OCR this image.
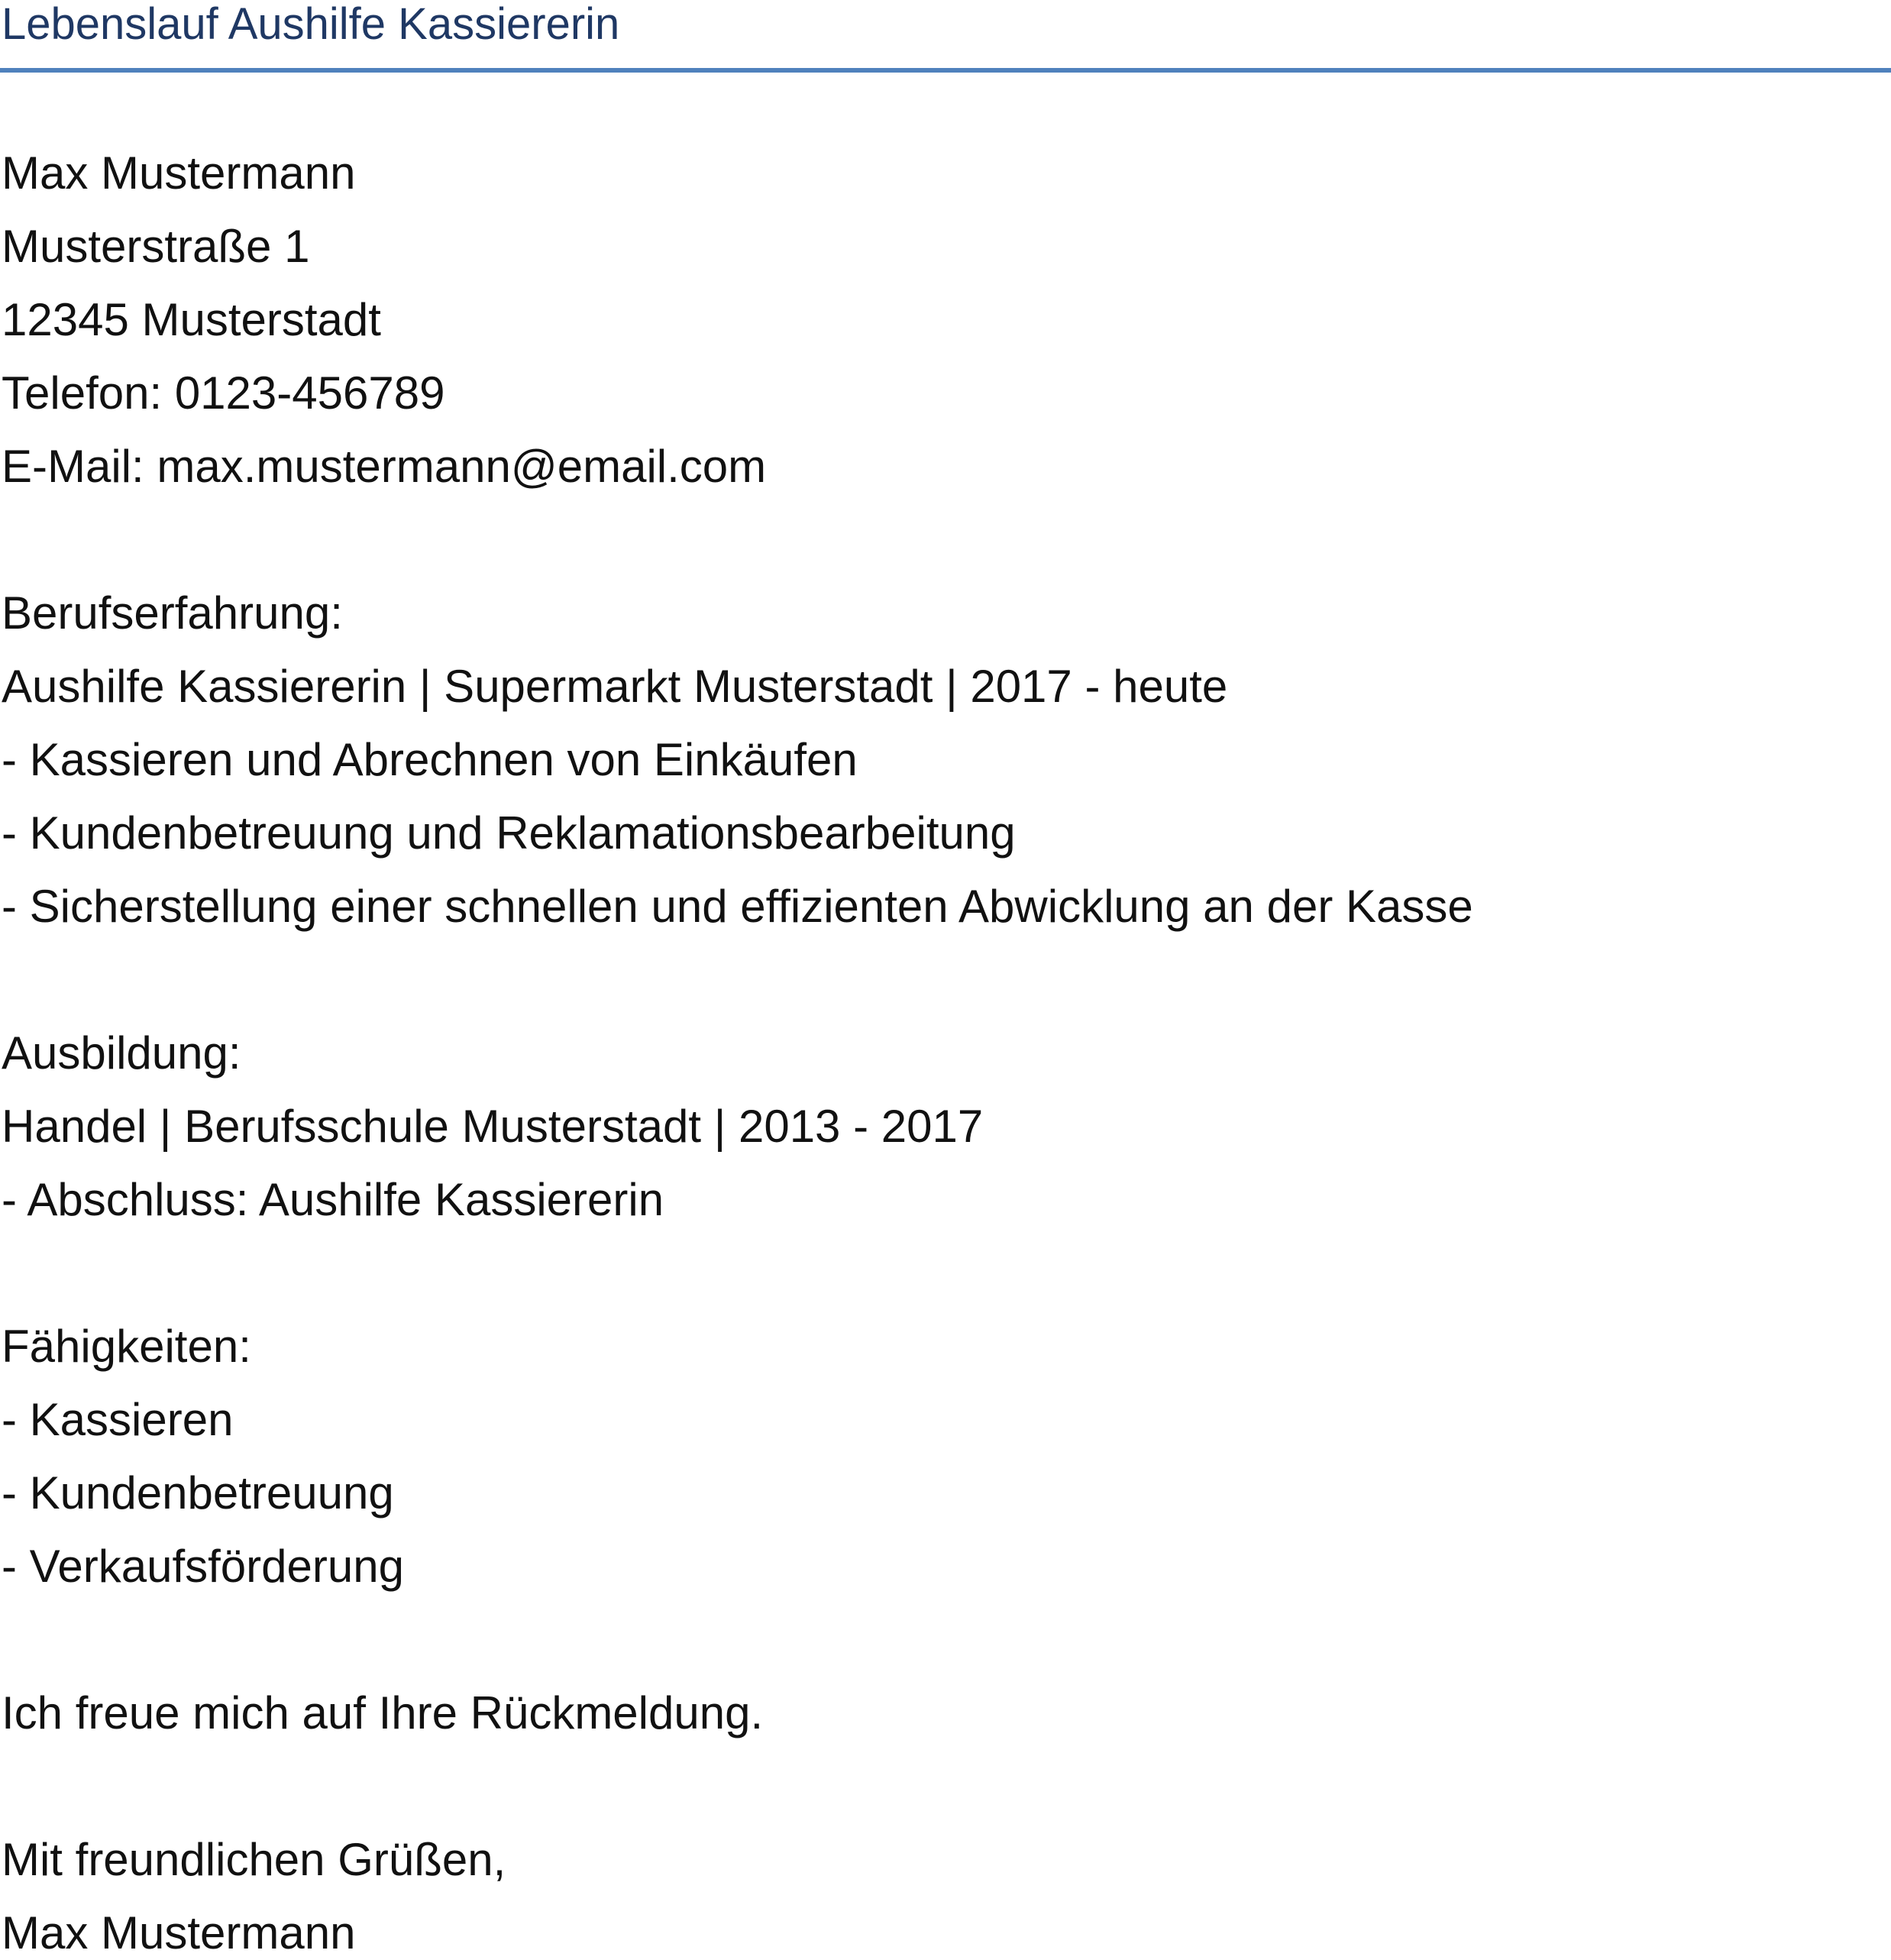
Lebenslauf Aushilfe Kassiererin
Max Mustermann
Musterstraße 1
12345 Musterstadt
Telefon: 0123-456789
E-Mail: max.mustermann@email.com
Berufserfahrung:
Aushilfe Kassiererin | Supermarkt Musterstadt | 2017 - heute
- Kassieren und Abrechnen von Einkäufen
- Kundenbetreuung und Reklamationsbearbeitung
- Sicherstellung einer schnellen und effizienten Abwicklung an der Kasse
Ausbildung:
Handel | Berufsschule Musterstadt | 2013 - 2017
- Abschluss: Aushilfe Kassiererin
Fähigkeiten:
- Kassieren
- Kundenbetreuung
- Verkaufsförderung
Ich freue mich auf Ihre Rückmeldung.
Mit freundlichen Grüßen,
Max Mustermann
